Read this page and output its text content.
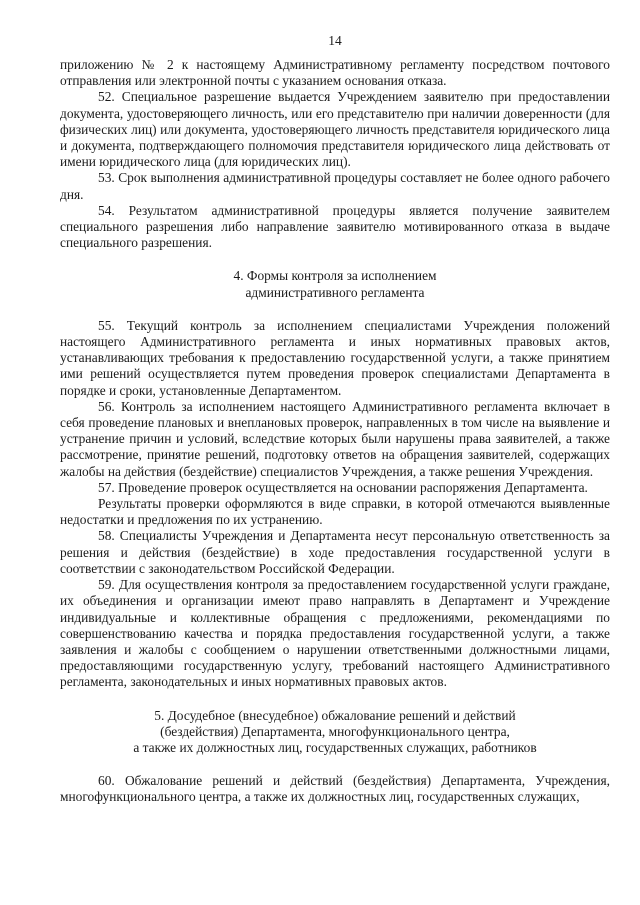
14

приложению № 2 к настоящему Административному регламенту посредством почтового отправления или электронной почты с указанием основания отказа.

52. Специальное разрешение выдается Учреждением заявителю при предоставлении документа, удостоверяющего личность, или его представителю при наличии доверенности (для физических лиц) или документа, удостоверяющего личность представителя юридического лица и документа, подтверждающего полномочия представителя юридического лица действовать от имени юридического лица (для юридических лиц).

53. Срок выполнения административной процедуры составляет не более одного рабочего дня.

54. Результатом административной процедуры является получение заявителем специального разрешения либо направление заявителю мотивированного отказа в выдаче специального разрешения.

4. Формы контроля за исполнением
административного регламента

55. Текущий контроль за исполнением специалистами Учреждения положений настоящего Административного регламента и иных нормативных правовых актов, устанавливающих требования к предоставлению государственной услуги, а также принятием ими решений осуществляется путем проведения проверок специалистами Департамента в порядке и сроки, установленные Департаментом.

56. Контроль за исполнением настоящего Административного регламента включает в себя проведение плановых и внеплановых проверок, направленных в том числе на выявление и устранение причин и условий, вследствие которых были нарушены права заявителей, а также рассмотрение, принятие решений, подготовку ответов на обращения заявителей, содержащих жалобы на действия (бездействие) специалистов Учреждения, а также решения Учреждения.

57. Проведение проверок осуществляется на основании распоряжения Департамента.

Результаты проверки оформляются в виде справки, в которой отмечаются выявленные недостатки и предложения по их устранению.

58. Специалисты Учреждения и Департамента несут персональную ответственность за решения и действия (бездействие) в ходе предоставления государственной услуги в соответствии с законодательством Российской Федерации.

59. Для осуществления контроля за предоставлением государственной услуги граждане, их объединения и организации имеют право направлять в Департамент и Учреждение индивидуальные и коллективные обращения с предложениями, рекомендациями по совершенствованию качества и порядка предоставления государственной услуги, а также заявления и жалобы с сообщением о нарушении ответственными должностными лицами, предоставляющими государственную услугу, требований настоящего Административного регламента, законодательных и иных нормативных правовых актов.

5. Досудебное (внесудебное) обжалование решений и действий
(бездействия) Департамента, многофункционального центра,
а также их должностных лиц, государственных служащих, работников

60. Обжалование решений и действий (бездействия) Департамента, Учреждения, многофункционального центра, а также их должностных лиц, государственных служащих,
